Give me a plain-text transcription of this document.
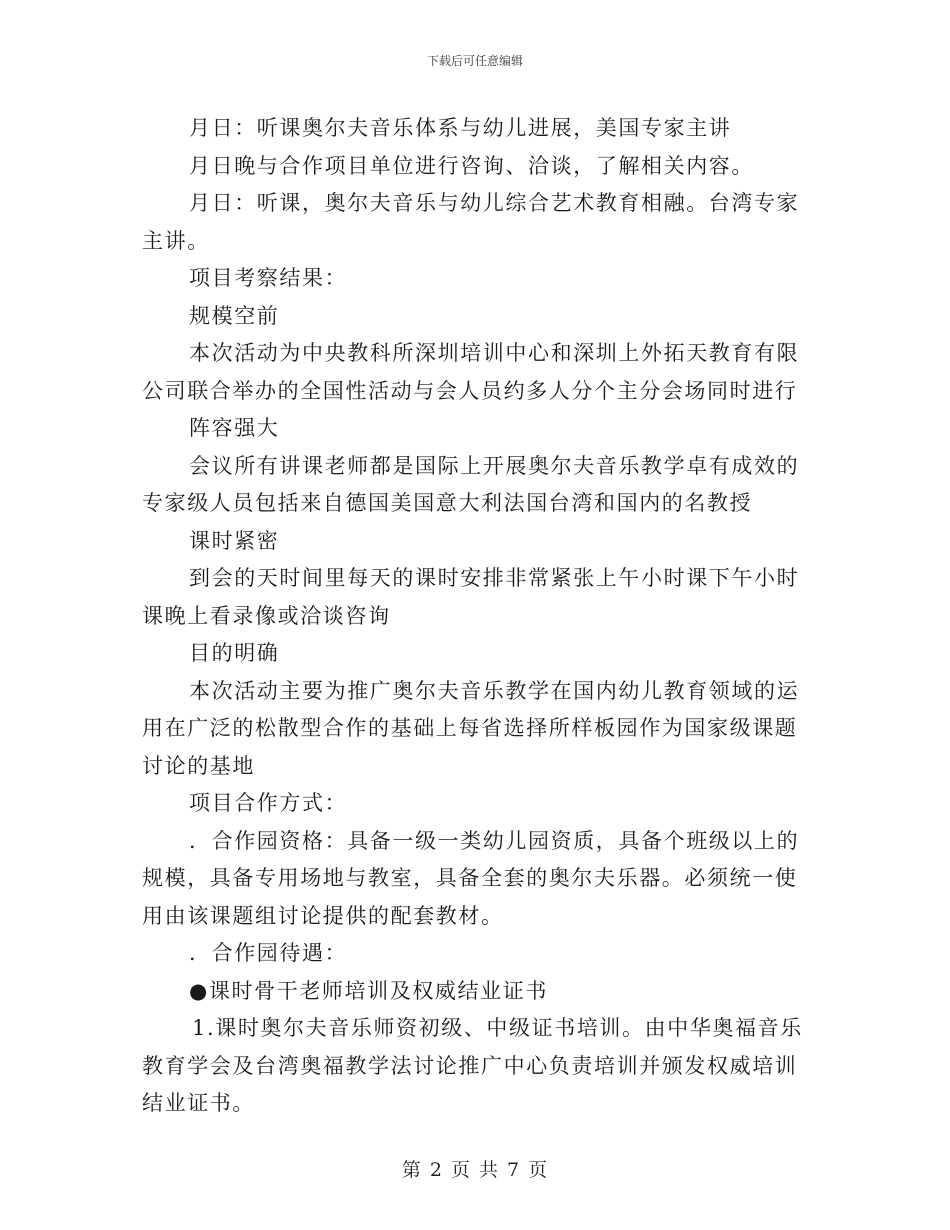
下载后可任意编辑

月日：听课奥尔夫音乐体系与幼儿进展，美国专家主讲

月日晚与合作项目单位进行咨询、洽谈，了解相关内容。

月日：听课，奥尔夫音乐与幼儿综合艺术教育相融。台湾专家主讲。

项目考察结果：

规模空前

本次活动为中央教科所深圳培训中心和深圳上外拓天教育有限公司联合举办的全国性活动与会人员约多人分个主分会场同时进行

阵容强大

会议所有讲课老师都是国际上开展奥尔夫音乐教学卓有成效的专家级人员包括来自德国美国意大利法国台湾和国内的名教授

课时紧密

到会的天时间里每天的课时安排非常紧张上午小时课下午小时课晚上看录像或洽谈咨询

目的明确

本次活动主要为推广奥尔夫音乐教学在国内幼儿教育领域的运用在广泛的松散型合作的基础上每省选择所样板园作为国家级课题讨论的基地

项目合作方式：

．合作园资格：具备一级一类幼儿园资质，具备个班级以上的规模，具备专用场地与教室，具备全套的奥尔夫乐器。必须统一使用由该课题组讨论提供的配套教材。

．合作园待遇：

●课时骨干老师培训及权威结业证书

1.课时奥尔夫音乐师资初级、中级证书培训。由中华奥福音乐教育学会及台湾奥福教学法讨论推广中心负责培训并颁发权威培训结业证书。

第 2 页 共 7 页
